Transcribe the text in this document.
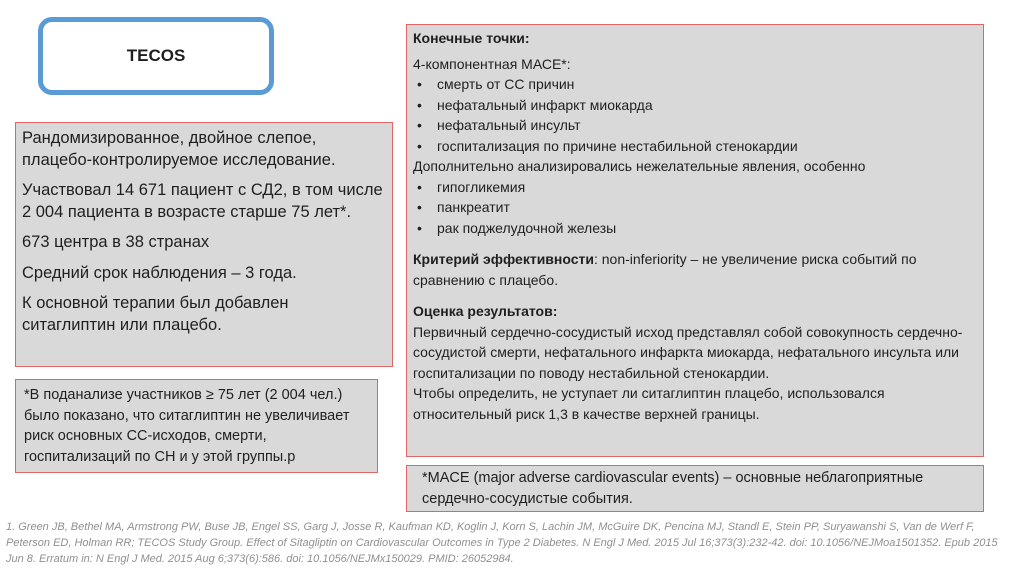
TECOS

Рандомизированное, двойное слепое, плацебо-контролируемое исследование.

Участвовал 14 671 пациент с СД2, в том числе 2 004 пациента в возрасте старше 75 лет*.

673 центра в 38 странах

Средний срок наблюдения – 3 года.

К основной терапии был добавлен ситаглиптин или плацебо.

*В поданализе участников ≥ 75 лет (2 004 чел.) было показано, что ситаглиптин не увеличивает риск основных СС-исходов, смерти, госпитализаций по СН и у этой группы.р

Конечные точки:

4-компонентная МАСЕ*:

• смерть от СС причин
• нефатальный инфаркт миокарда
• нефатальный инсульт
• госпитализация по причине нестабильной стенокардии

Дополнительно анализировались нежелательные явления, особенно

• гипогликемия
• панкреатит
• рак поджелудочной железы

Критерий эффективности: non-inferiority – не увеличение риска событий по сравнению с плацебо.

Оценка результатов:

Первичный сердечно-сосудистый исход представлял собой совокупность сердечно-сосудистой смерти, нефатального инфаркта миокарда, нефатального инсульта или госпитализации по поводу нестабильной стенокардии.

Чтобы определить, не уступает ли ситаглиптин плацебо, использовался относительный риск 1,3 в качестве верхней границы.

*MACE (major adverse cardiovascular events) – основные неблагоприятные сердечно-сосудистые события.
1. Green JB, Bethel MA, Armstrong PW, Buse JB, Engel SS, Garg J, Josse R, Kaufman KD, Koglin J, Korn S, Lachin JM, McGuire DK, Pencina MJ, Standl E, Stein PP, Suryawanshi S, Van de Werf F, Peterson ED, Holman RR; TECOS Study Group. Effect of Sitagliptin on Cardiovascular Outcomes in Type 2 Diabetes. N Engl J Med. 2015 Jul 16;373(3):232-42. doi: 10.1056/NEJMoa1501352. Epub 2015 Jun 8. Erratum in: N Engl J Med. 2015 Aug 6;373(6):586. doi: 10.1056/NEJMx150029. PMID: 26052984.
